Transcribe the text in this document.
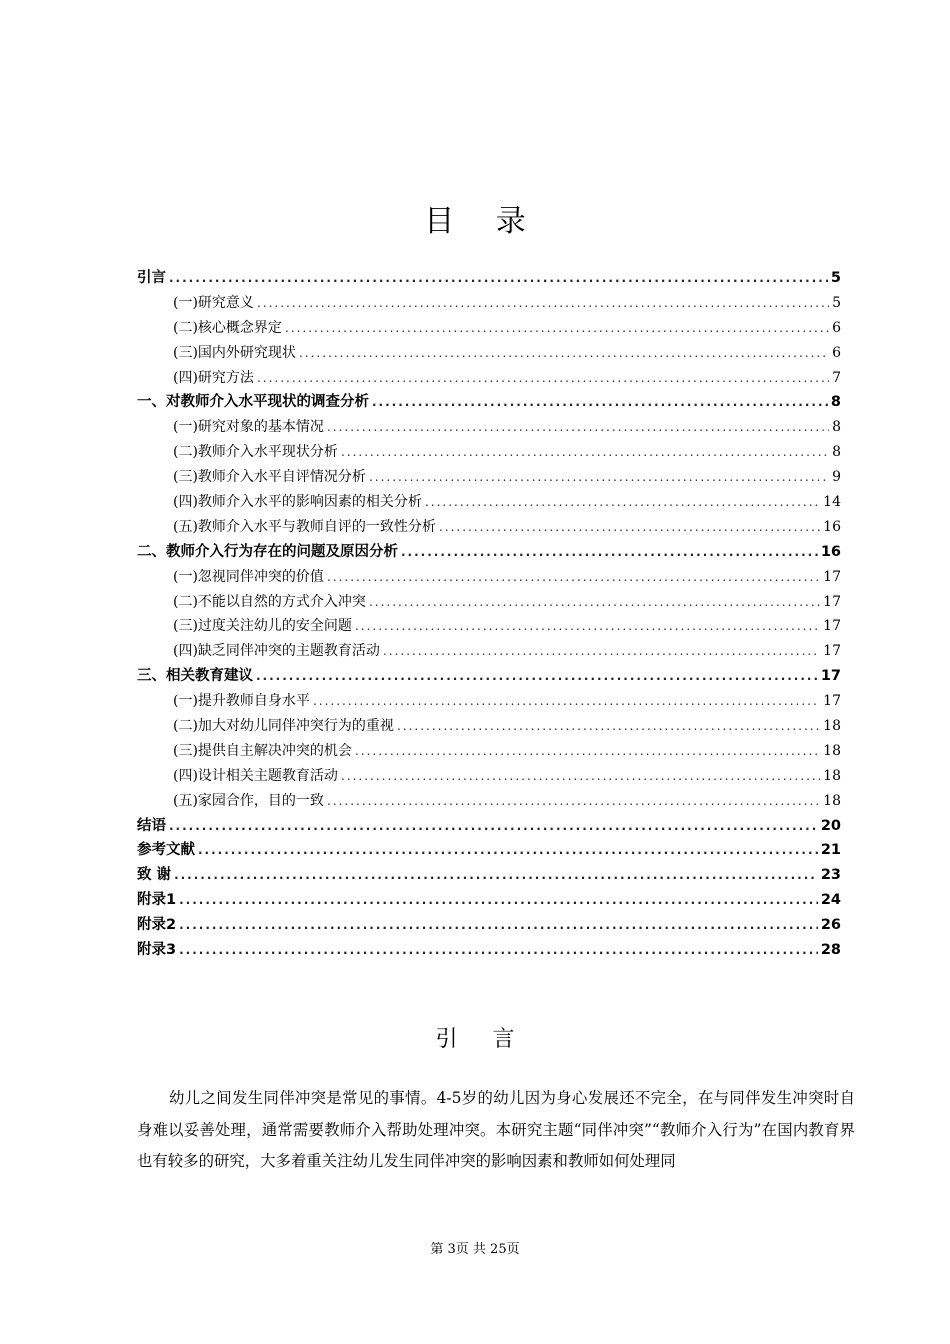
目 录
引言 .....	5
(一)研究意义 .....	5
(二)核心概念界定 .....	6
(三)国内外研究现状 .....	6
(四)研究方法 .....	7
一、对教师介入水平现状的调查分析 .....	8
(一)研究对象的基本情况 .....	8
(二)教师介入水平现状分析 .....	8
(三)教师介入水平自评情况分析 .....	9
(四)教师介入水平的影响因素的相关分析 .....	14
(五)教师介入水平与教师自评的一致性分析 .....	16
二、教师介入行为存在的问题及原因分析 .....	16
(一)忽视同伴冲突的价值 .....	17
(二)不能以自然的方式介入冲突 .....	17
(三)过度关注幼儿的安全问题 .....	17
(四)缺乏同伴冲突的主题教育活动 .....	17
三、相关教育建议 .....	17
(一)提升教师自身水平 .....	17
(二)加大对幼儿同伴冲突行为的重视 .....	18
(三)提供自主解决冲突的机会 .....	18
(四)设计相关主题教育活动 .....	18
(五)家园合作，目的一致 .....	18
结语 .....	20
参考文献 .....	21
致 谢 .....	23
附录1 .....	24
附录2 .....	26
附录3 .....	28
引 言
幼儿之间发生同伴冲突是常见的事情。4-5岁的幼儿因为身心发展还不完全，在与同伴发生冲突时自身难以妥善处理，通常需要教师介入帮助处理冲突。本研究主题“同伴冲突”“教师介入行为”在国内教育界也有较多的研究，大多着重关注幼儿发生同伴冲突的影响因素和教师如何处理同
第 3页 共 25页
